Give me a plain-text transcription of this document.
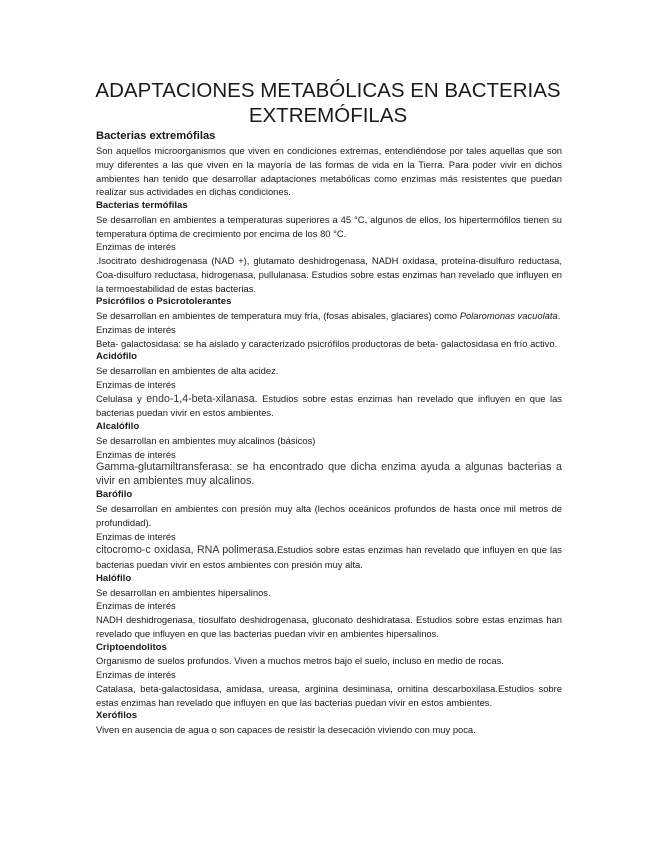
ADAPTACIONES METABÓLICAS EN BACTERIAS
EXTREMÓFILAS

Bacterias extremófilas

Son aquellos microorganismos que viven en condiciones extremas, entendiéndose por tales aquellas que son muy diferentes a las que viven en la mayoría de las formas de vida en la Tierra. Para poder vivir en dichos ambientes han tenido que desarrollar adaptaciones metabólicas como enzimas más resistentes que puedan realizar sus actividades en dichas condiciones.

Bacterias termófilas

Se desarrollan en ambientes a temperaturas superiores a 45 °C, algunos de ellos, los hipertermófilos tienen su temperatura óptima de crecimiento por encima de los 80 °C.

Enzimas de interés

.Isocitrato deshidrogenasa (NAD +), glutamato deshidrogenasa, NADH oxidasa, proteína-disulfuro reductasa, Coa-disulfuro reductasa, hidrogenasa, pullulanasa. Estudios sobre estas enzimas han revelado que influyen en la termoestabilidad de estas bacterias.

Psicrófilos o Psicrotolerantes

Se desarrollan en ambientes de temperatura muy fría, (fosas abisales, glaciares) como Polaromonas vacuolata.

Enzimas de interés

Beta- galactosidasa: se ha aislado y caracterizado psicrófilos productoras de beta- galactosidasa en frío activo.

Acidófilo

Se desarrollan en ambientes de alta acidez.

Enzimas de interés

Celulasa y endo-1,4-beta-xilanasa. Estudios sobre estas enzimas han revelado que influyen en que las bacterias puedan vivir en estos ambientes.

Alcalófilo

Se desarrollan en ambientes muy alcalinos (básicos)

Enzimas de interés

Gamma-glutamiltransferasa: se ha encontrado que dicha enzima ayuda a algunas bacterias a vivir en ambientes muy alcalinos.

Barófilo

Se desarrollan en ambientes con presión muy alta (lechos oceánicos profundos de hasta once mil metros de profundidad).

Enzimas de interés

citocromo-c oxidasa, RNA polimerasa.Estudios sobre estas enzimas han revelado que influyen en que las bacterias puedan vivir en estos ambientes con presión muy alta.

Halófilo

Se desarrollan en ambientes hipersalinos.

Enzimas de interés

NADH deshidrogenasa, tiosulfato deshidrogenasa, gluconato deshidratasa. Estudios sobre estas enzimas han revelado que influyen en que las bacterias puedan vivir en ambientes hipersalinos.

Criptoendolitos

Organismo de suelos profundos. Viven a muchos metros bajo el suelo, incluso en medio de rocas.

Enzimas de interés

Catalasa, beta-galactosidasa, amidasa, ureasa, arginina desiminasa, ornitina descarboxilasa.Estudios sobre estas enzimas han revelado que influyen en que las bacterias puedan vivir en estos ambientes.

Xerófilos

Viven en ausencia de agua o son capaces de resistir la desecación viviendo con muy poca.
